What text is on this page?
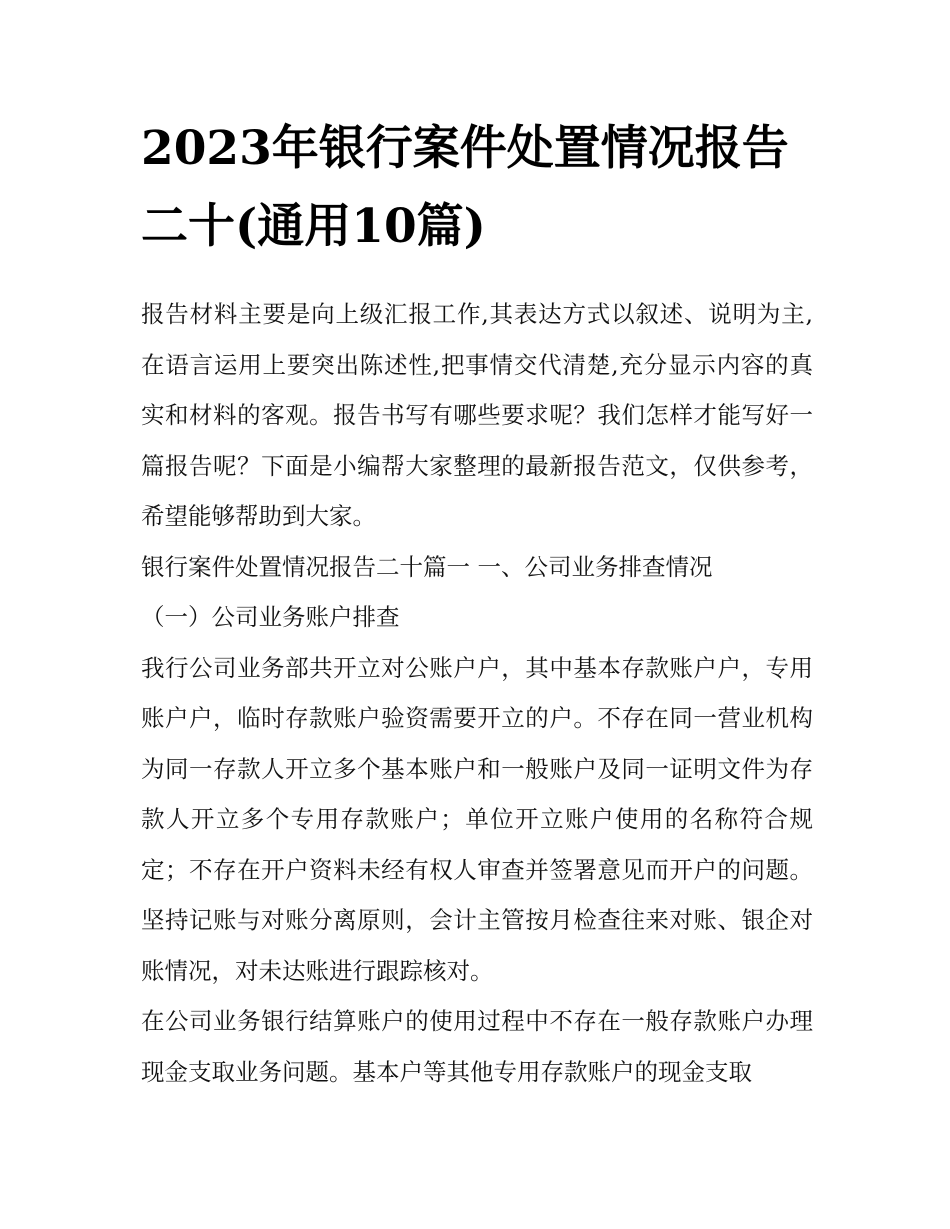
2023年银行案件处置情况报告二十(通用10篇)

报告材料主要是向上级汇报工作,其表达方式以叙述、说明为主,在语言运用上要突出陈述性,把事情交代清楚,充分显示内容的真实和材料的客观。报告书写有哪些要求呢？我们怎样才能写好一篇报告呢？下面是小编帮大家整理的最新报告范文，仅供参考，希望能够帮助到大家。

银行案件处置情况报告二十篇一 一、公司业务排查情况

（一）公司业务账户排查

我行公司业务部共开立对公账户户，其中基本存款账户户，专用账户户，临时存款账户验资需要开立的户。不存在同一营业机构为同一存款人开立多个基本账户和一般账户及同一证明文件为存款人开立多个专用存款账户；单位开立账户使用的名称符合规定；不存在开户资料未经有权人审查并签署意见而开户的问题。坚持记账与对账分离原则，会计主管按月检查往来对账、银企对账情况，对未达账进行跟踪核对。

在公司业务银行结算账户的使用过程中不存在一般存款账户办理现金支取业务问题。基本户等其他专用存款账户的现金支取
